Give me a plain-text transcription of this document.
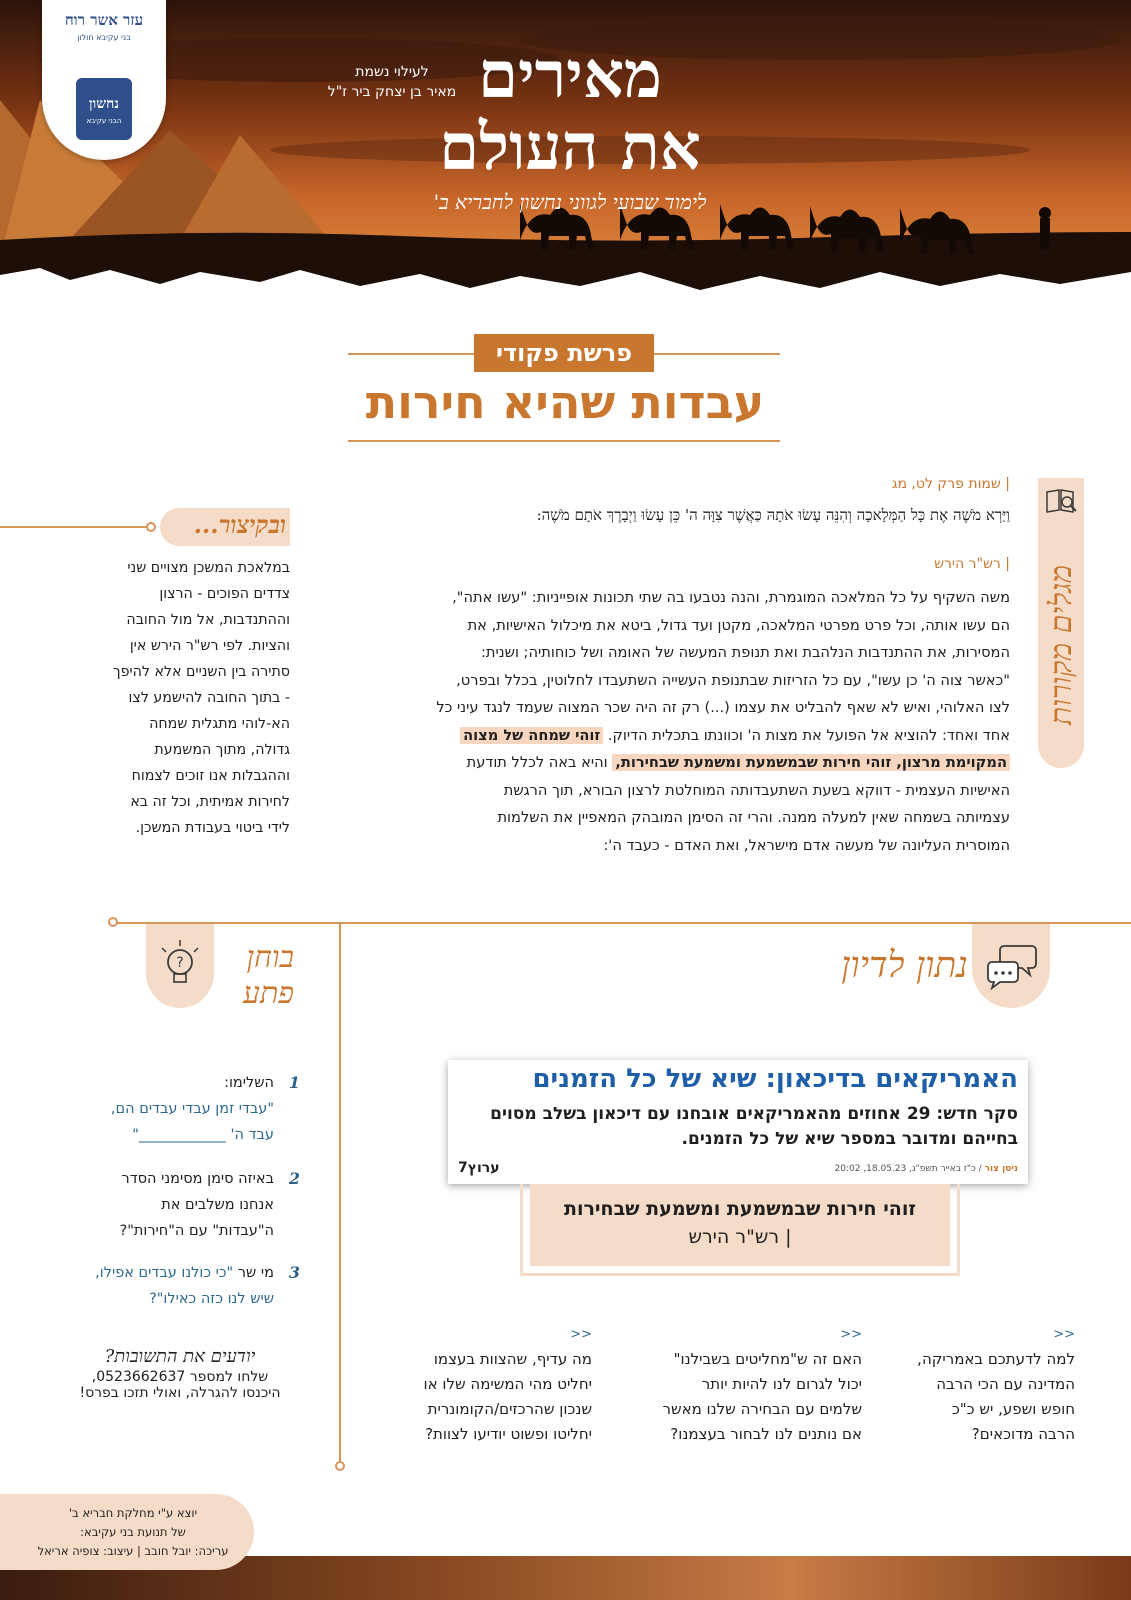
עזר אשר רוח
בני עקיבא חולון
נחשון
הבני עקיבא
לעילוי נשמת
מאיר בן יצחק ביר ז"ל מאירים
את העולם
לימוד שבועי לגווני נחשון לחבריא ב'
פרשת פקודי
עבדות שהיא חירות
מגלים מקורות
| שמות פרק לט, מג
וַיַּרְא מֹשֶׁה אֶת כָּל הַמְּלָאכָה וְהִנֵּה עָשׂוּ אֹתָהּ כַּאֲשֶׁר צִוָּה ה' כֵּן עָשׂוּ וַיְבָרֶךְ אֹתָם מֹשֶׁה:
| רש"ר הירש
משה השקיף על כל המלאכה המוגמרת, והנה נטבעו בה שתי תכונות אופייניות: "עשו אתה",
הם עשו אותה, וכל פרט מפרטי המלאכה, מקטן ועד גדול, ביטא את מיכלול האישיות, את
המסירות, את ההתנדבות הנלהבת ואת תנופת המעשה של האומה ושל כוחותיה; ושנית:
"כאשר צוה ה' כן עשו", עם כל הזריזות שבתנופת העשייה השתעבדו לחלוטין, בכלל ובפרט,
לצו האלוהי, ואיש לא שאף להבליט את עצמו (...) רק זה היה שכר המצוה שעמד לנגד עיני כל
אחד ואחד: להוציא אל הפועל את מצות ה' וכוונתו בתכלית הדיוק. זוהי שמחה של מצוה
המקוימת מרצון, זוהי חירות שבמשמעת ומשמעת שבחירות, והיא באה לכלל תודעת
האישיות העצמית - דווקא בשעת השתעבדותה המוחלטת לרצון הבורא, תוך הרגשת
עצמיותה בשמחה שאין למעלה ממנה. והרי זה הסימן המובהק המאפיין את השלמות
המוסרית העליונה של מעשה אדם מישראל, ואת האדם - כעבד ה':
ובקיצור...
במלאכת המשכן מצויים שני
צדדים הפוכים - הרצון
וההתנדבות, אל מול החובה
והציות. לפי רש"ר הירש אין
סתירה בין השניים אלא להיפך
- בתוך החובה להישמע לצו
הא-לוהי מתגלית שמחה
גדולה, מתוך המשמעת
וההגבלות אנו זוכים לצמוח
לחירות אמיתית, וכל זה בא
לידי ביטוי בעבודת המשכן.
נתון לדיון
האמריקאים בדיכאון: שיא של כל הזמנים
סקר חדש: 29 אחוזים מהאמריקאים אובחנו עם דיכאון בשלב מסוים
בחייהם ומדובר במספר שיא של כל הזמנים.
ניסן צור / כ"ז באייר תשפ"ג, 18.05.23, 20:02
ערוץ7
זוהי חירות שבמשמעת ומשמעת שבחירות
| רש"ר הירש
>>
למה לדעתכם באמריקה,
המדינה עם הכי הרבה
חופש ושפע, יש כ"כ
הרבה מדוכאים?
>>
האם זה ש"מחליטים בשבילנו"
יכול לגרום לנו להיות יותר
שלמים עם הבחירה שלנו מאשר
אם נותנים לנו לבחור בעצמנו?
>>
מה עדיף, שהצוות בעצמו
יחליט מהי המשימה שלו או
שנכון שהרכזים/הקומונרית
יחליטו ופשוט יודיעו לצוות?
?	בוחן
פתע
1
השלימו:
"עבדי זמן עבדי עבדים הם,
עבד ה' ____________"
2
באיזה סימן מסימני הסדר
אנחנו משלבים את
ה"עבדות" עם ה"חירות"?
3
מי שר "כי כולנו עבדים אפילו,
שיש לנו כזה כאילו"?
יודעים את התשובות?
שלחו למספר 0523662637,
היכנסו להגרלה, ואולי תזכו בפרס!
יוצא ע"י מחלקת חבריא ב'
של תנועת בני עקיבא:
עריכה: יובל חובב | עיצוב: צופיה אריאל
